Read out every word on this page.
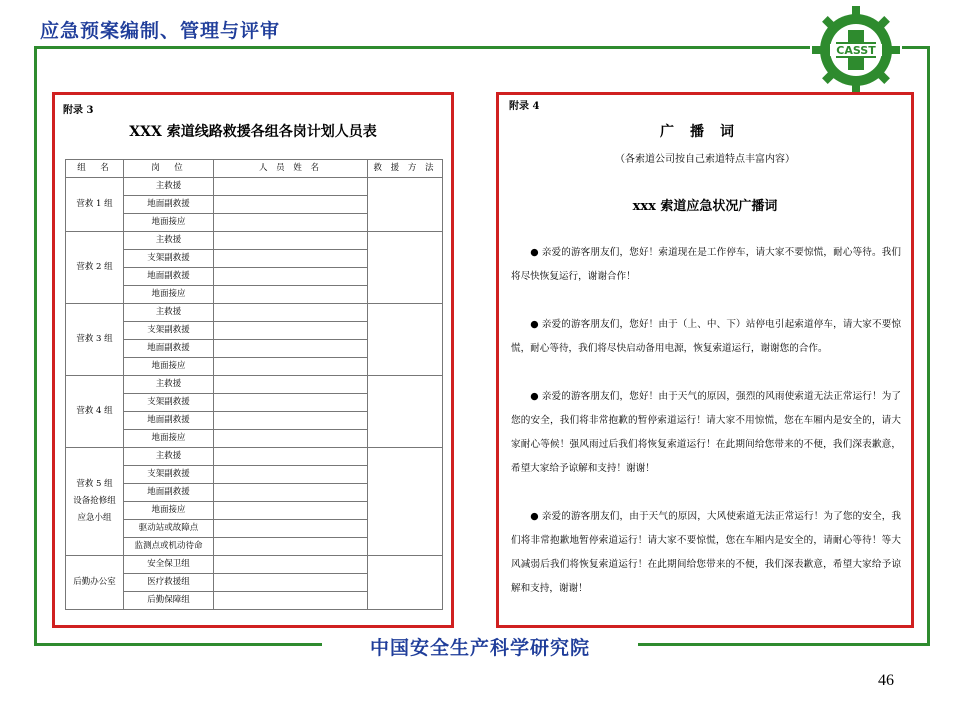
应急预案编制、管理与评审
CASST
附录 3
XXX 索道线路救援各组各岗计划人员表
组　名	岗　位	人 员 姓 名	救 援 方 法
营救 1 组	主救援		
	地面副救援		
	地面接应		
营救 2 组	主救援		
	支架副救援		
	地面副救援		
	地面接应		
营救 3 组	主救援		
	支架副救援		
	地面副救援		
	地面接应		
营救 4 组	主救援		
	支架副救援		
	地面副救援		
	地面接应		

营救 5 组
设备抢修组
应急小组	主救援		
	支架副救援		
	地面副救援		
	地面接应		
	驱动站或故障点		
	监测点或机动待命		
后勤办公室	安全保卫组		
	医疗救援组		
	后勤保障组		
附录 4
广播词
（各索道公司按自己索道特点丰富内容）
xxx 索道应急状况广播词

● 亲爱的游客朋友们，您好！索道现在是工作停车，请大家不要惊慌，耐心等待。我们将尽快恢复运行，谢谢合作！

● 亲爱的游客朋友们，您好！由于（上、中、下）站停电引起索道停车，请大家不要惊慌，耐心等待，我们将尽快启动备用电源，恢复索道运行，谢谢您的合作。

● 亲爱的游客朋友们，您好！由于天气的原因，强烈的风雨使索道无法正常运行！为了您的安全，我们将非常抱歉的暂停索道运行！请大家不用惊慌，您在车厢内是安全的，请大家耐心等候！强风雨过后我们将恢复索道运行！在此期间给您带来的不便，我们深表歉意，希望大家给予谅解和支持！谢谢！

● 亲爱的游客朋友们，由于天气的原因，大风使索道无法正常运行！为了您的安全，我们将非常抱歉地暂停索道运行！请大家不要惊慌，您在车厢内是安全的，请耐心等待！等大风减弱后我们将恢复索道运行！在此期间给您带来的不便，我们深表歉意，希望大家给予谅解和支持，谢谢！

中国安全生产科学研究院
46
